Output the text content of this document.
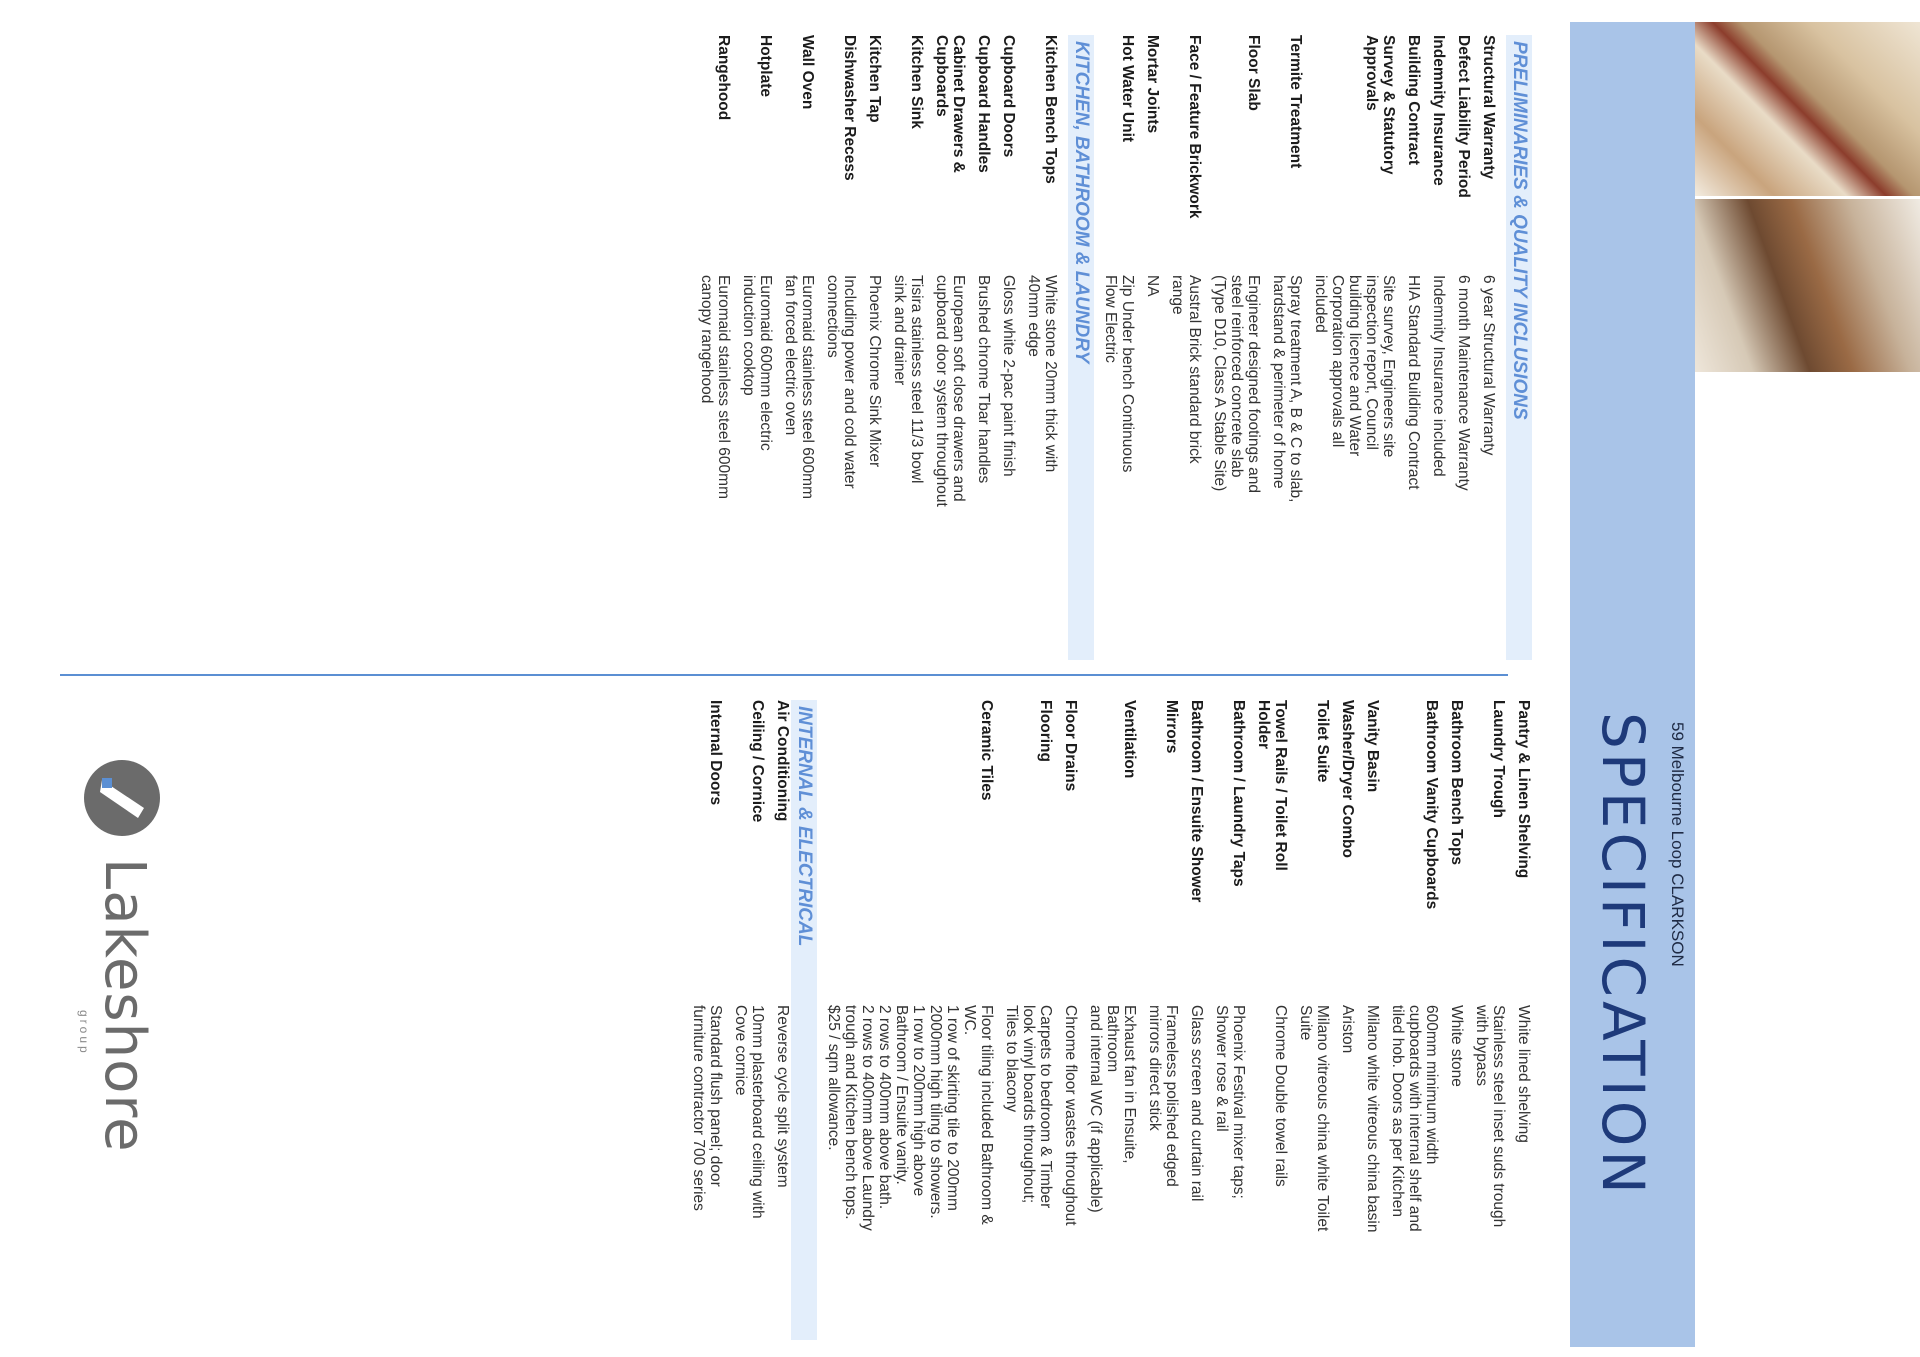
59 Melbourne Loop CLARKSON
SPECIFICATION
PRELIMINARIES & QUALITY INCLUSIONS
Structural Warranty
6 year Structural Warranty
Defect Liability Period
6 month Maintenance Warranty
Indemnity Insurance
Indemnity Insurance included
Building Contract
HIA Standard Building Contract
Survey & Statutory
Approvals
Site survey, Engineers site
inspection report, Council
building licence and Water
Corporation approvals all
included
Termite Treatment
Spray treatment A, B & C to slab,
hardstand & perimeter of home
Floor Slab
Engineer designed footings and
steel reinforced concrete slab
(Type D10, Class A Stable Site)
Face / Feature Brickwork
Austral Brick standard brick
range
Mortar Joints
NA
Hot Water Unit
Zip Under bench Continuous
Flow Electric
KITCHEN, BATHROOM & LAUNDRY
Kitchen Bench Tops
White stone 20mm thick with
40mm edge
Cupboard Doors
Gloss white 2-pac paint finish
Cupboard Handles
Brushed chrome Tbar handles
Cabinet Drawers &
Cupboards
European soft close drawers and
cupboard door system throughout
Kitchen Sink
Tisira stainless steel 11/3 bowl
sink and drainer
Kitchen Tap
Phoenix Chrome Sink Mixer
Dishwasher Recess
Including power and cold water
connections
Wall Oven
Euromaid stainless steel 600mm
fan forced electric oven
Hotplate
Euromaid 600mm electric
induction cooktop
Rangehood
Euromaid stainless steel 600mm
canopy rangehood
Pantry & Linen Shelving
White lined shelving
Laundry Trough
Stainless steel inset suds trough
with bypass
Bathroom Bench Tops
White stone
Bathroom Vanity Cupboards
600mm minimum width
cupboards with internal shelf and
tiled hob. Doors as per Kitchen
Vanity Basin
Milano white vitreous china basin
Washer/Dryer Combo
Ariston
Toilet Suite
Milano vitreous china white Toilet
Suite
Towel Rails / Toilet Roll
Holder
Chrome Double towel rails
Bathroom / Laundry Taps
Phoenix Festival mixer taps;
Shower rose & rail
Bathroom / Ensuite Shower
Glass screen and curtain rail
Mirrors
Frameless polished edged
mirrors direct stick
Ventilation
Exhaust fan in Ensuite, Bathroom
and internal WC (if applicable)
Floor Drains
Chrome floor wastes throughout
Flooring
Carpets to bedroom & Timber
look vinyl boards throughout;
Tiles to blacony
Ceramic Tiles
Floor tiling included Bathroom &
WC.
1 row of skirting tile to 200mm
2000mm high tiling to showers.
1 row to 200mm high above
Bathroom / Ensuite vanity.
2 rows to 400mm above bath.
2 rows to 400mm above Laundry
trough and Kitchen bench tops.
$25 / sqm allowance.
INTERNAL & ELECTRICAL
Air Conditioning
Reverse cycle split system
Ceiling / Cornice
10mm plasterboard ceiling with
Cove cornice
Internal Doors
Standard flush panel; door
furniture contractor 700 series
Lakeshore
group
